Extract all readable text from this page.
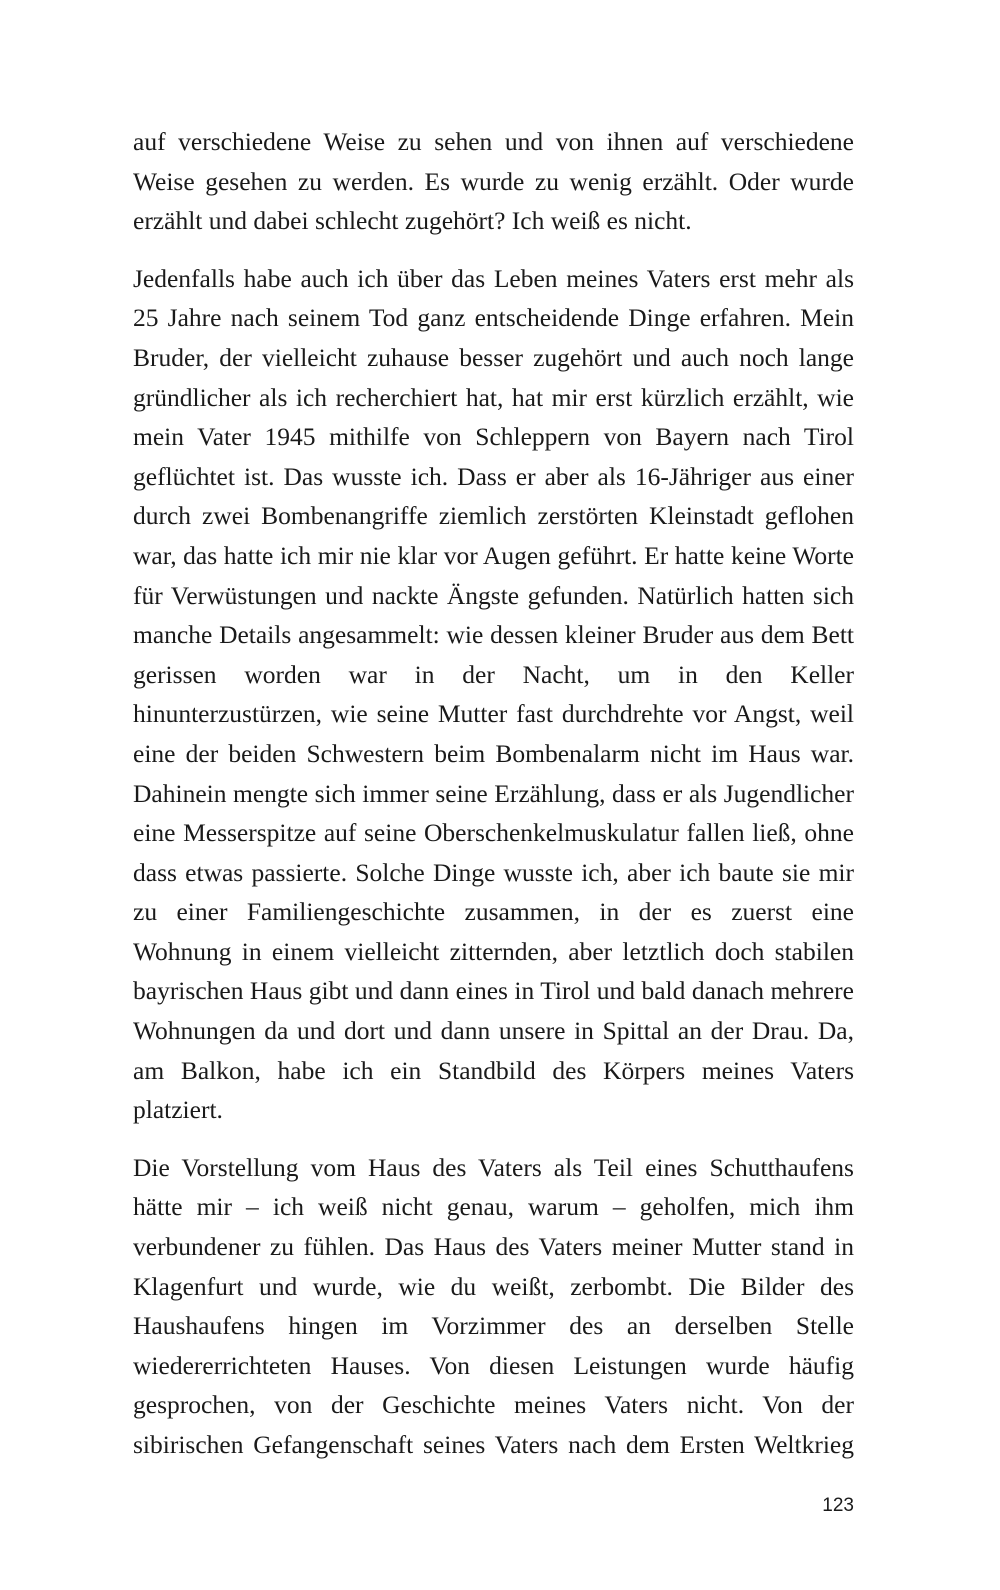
auf verschiedene Weise zu sehen und von ihnen auf verschiedene Weise gesehen zu werden. Es wurde zu wenig erzählt. Oder wurde erzählt und dabei schlecht zugehört? Ich weiß es nicht.

Jedenfalls habe auch ich über das Leben meines Vaters erst mehr als 25 Jahre nach seinem Tod ganz entscheidende Dinge erfahren. Mein Bruder, der vielleicht zuhause besser zugehört und auch noch lange gründlicher als ich recherchiert hat, hat mir erst kürzlich erzählt, wie mein Vater 1945 mithilfe von Schleppern von Bayern nach Tirol geflüchtet ist. Das wusste ich. Dass er aber als 16-Jähriger aus einer durch zwei Bombenangriffe ziemlich zerstörten Kleinstadt geflohen war, das hatte ich mir nie klar vor Augen geführt. Er hatte keine Worte für Verwüstungen und nackte Ängste gefunden. Natürlich hatten sich manche Details angesammelt: wie dessen kleiner Bruder aus dem Bett gerissen worden war in der Nacht, um in den Keller hinunterzustürzen, wie seine Mutter fast durchdrehte vor Angst, weil eine der beiden Schwestern beim Bombenalarm nicht im Haus war. Dahinein mengte sich immer seine Erzählung, dass er als Jugendlicher eine Messerspitze auf seine Oberschenkelmuskulatur fallen ließ, ohne dass etwas passierte. Solche Dinge wusste ich, aber ich baute sie mir zu einer Familiengeschichte zusammen, in der es zuerst eine Wohnung in einem vielleicht zitternden, aber letztlich doch stabilen bayrischen Haus gibt und dann eines in Tirol und bald danach mehrere Wohnungen da und dort und dann unsere in Spittal an der Drau. Da, am Balkon, habe ich ein Standbild des Körpers meines Vaters platziert.

Die Vorstellung vom Haus des Vaters als Teil eines Schutthaufens hätte mir – ich weiß nicht genau, warum – geholfen, mich ihm verbundener zu fühlen. Das Haus des Vaters meiner Mutter stand in Klagenfurt und wurde, wie du weißt, zerbombt. Die Bilder des Haushaufens hingen im Vorzimmer des an derselben Stelle wiedererrichteten Hauses. Von diesen Leistungen wurde häufig gesprochen, von der Geschichte meines Vaters nicht. Von der sibirischen Gefangenschaft seines Vaters nach dem Ersten Weltkrieg

123
